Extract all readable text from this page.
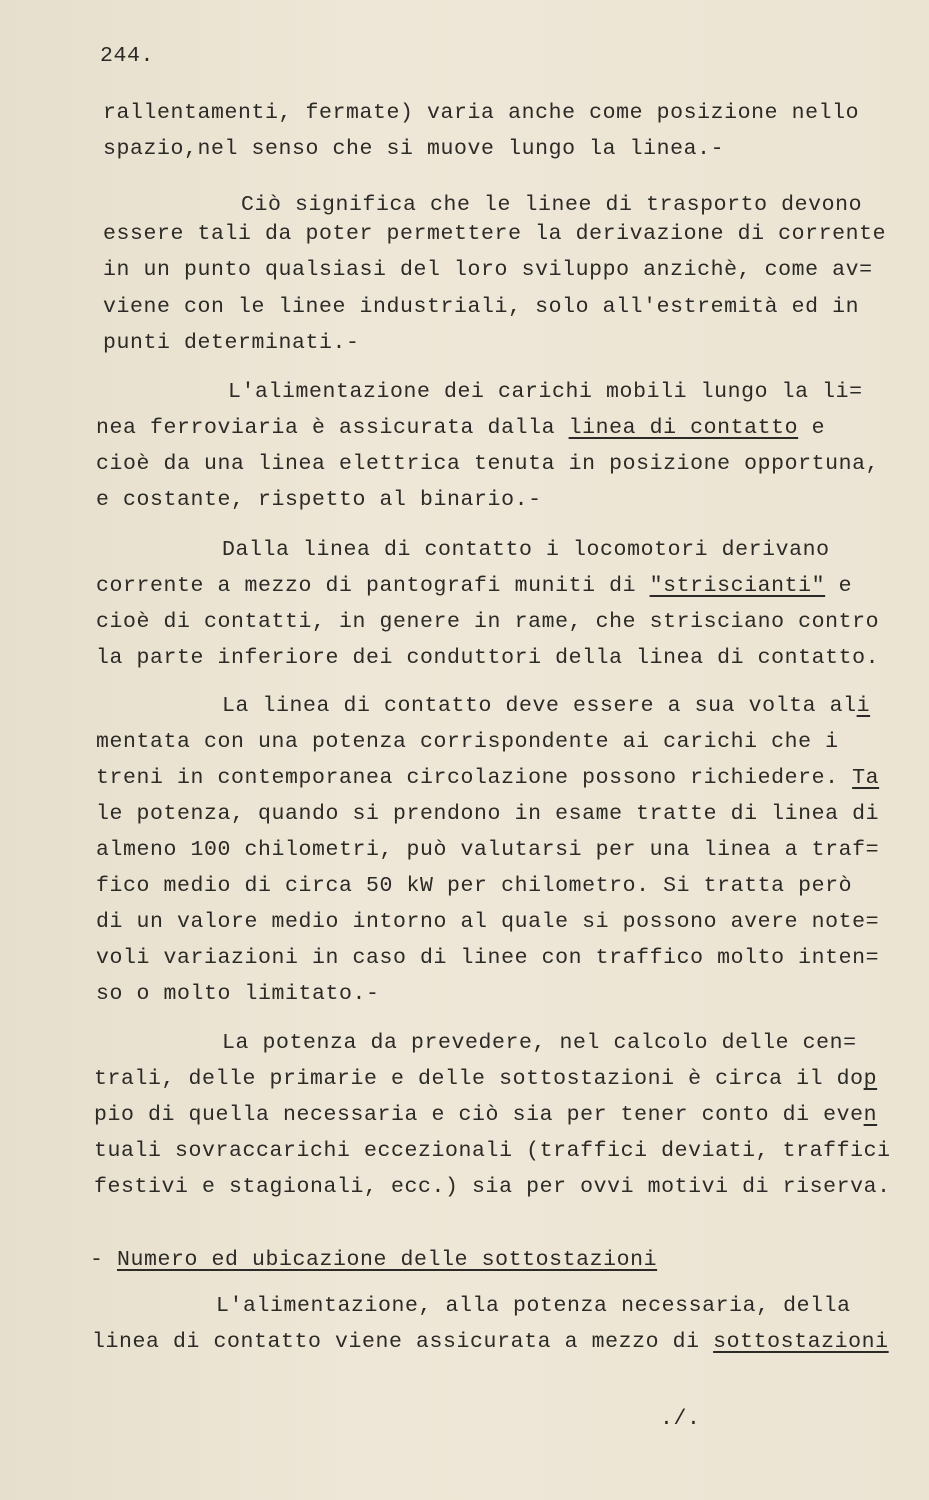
244.
rallentamenti, fermate) varia anche come posizione nello
spazio,nel senso che si muove lungo la linea.-
Ciò significa che le linee di trasporto devono
essere tali da poter permettere la derivazione di corrente
in un punto qualsiasi del loro sviluppo anzichè, come av=
viene con le linee industriali, solo all'estremità ed in
punti determinati.-
L'alimentazione dei carichi mobili lungo la li=
nea ferroviaria è assicurata dalla linea di contatto e
cioè da una linea elettrica tenuta in posizione opportuna,
e costante, rispetto al binario.-
Dalla linea di contatto i locomotori derivano
corrente a mezzo di pantografi muniti di "striscianti" e
cioè di contatti, in genere in rame, che strisciano contro
la parte inferiore dei conduttori della linea di contatto.
La linea di contatto deve essere a sua volta ali
mentata con una potenza corrispondente ai carichi che i
treni in contemporanea circolazione possono richiedere. Ta
le potenza, quando si prendono in esame tratte di linea di
almeno 100 chilometri, può valutarsi per una linea a traf=
fico medio di circa 50 kW per chilometro. Si tratta però
di un valore medio intorno al quale si possono avere note=
voli variazioni in caso di linee con traffico molto inten=
so o molto limitato.-
La potenza da prevedere, nel calcolo delle cen=
trali, delle primarie e delle sottostazioni è circa il dop
pio di quella necessaria e ciò sia per tener conto di even
tuali sovraccarichi eccezionali (traffici deviati, traffici
festivi e stagionali, ecc.) sia per ovvi motivi di riserva.
- Numero ed ubicazione delle sottostazioni
L'alimentazione, alla potenza necessaria, della
linea di contatto viene assicurata a mezzo di sottostazioni
./.
